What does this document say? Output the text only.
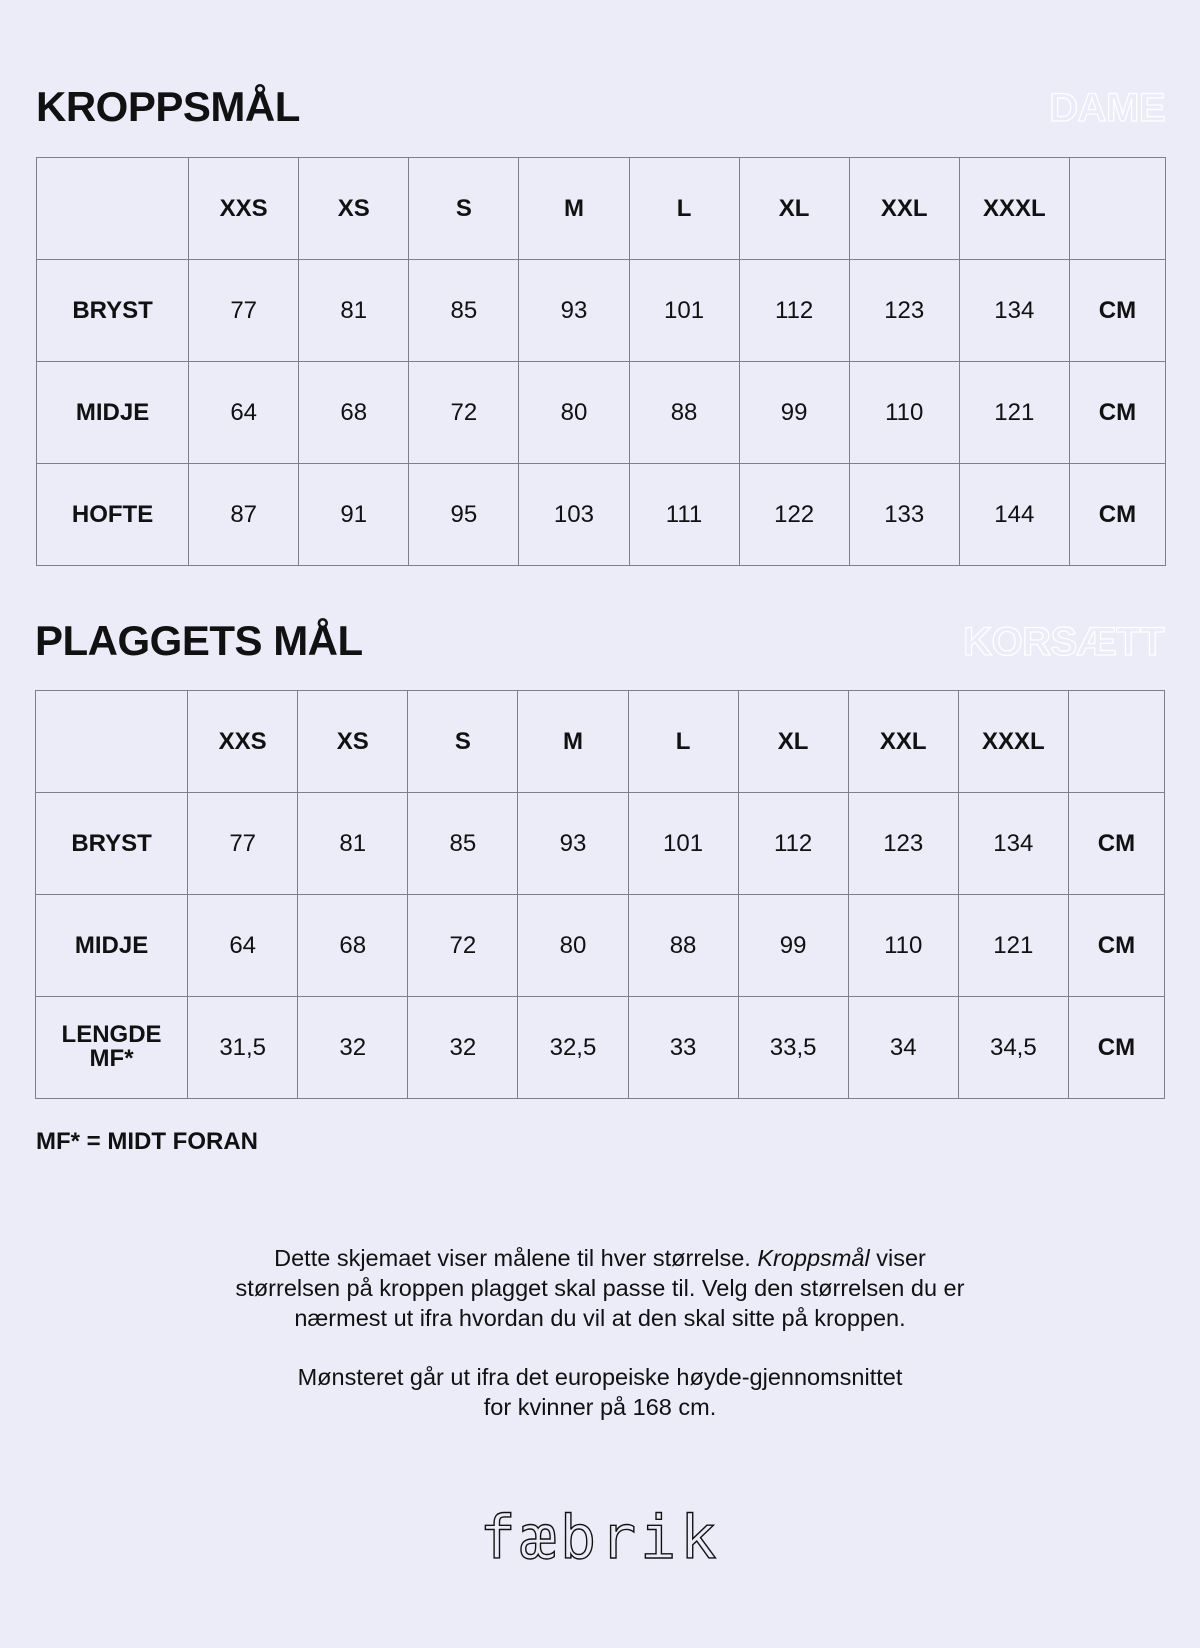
KROPPSMÅL	DAME
	XXS	XS	S	M	L	XL	XXL	XXXL	
BRYST	77	81	85	93	101	112	123	134	CM
MIDJE	64	68	72	80	88	99	110	121	CM
HOFTE	87	91	95	103	111	122	133	144	CM
PLAGGETS MÅL	KORSÆTT
	XXS	XS	S	M	L	XL	XXL	XXXL	
BRYST	77	81	85	93	101	112	123	134	CM
MIDJE	64	68	72	80	88	99	110	121	CM
LENGDE
MF*	31,5	32	32	32,5	33	33,5	34	34,5	CM
MF* = MIDT FORAN

Dette skjemaet viser målene til hver størrelse. Kroppsmål viser
størrelsen på kroppen plagget skal passe til. Velg den størrelsen du er
nærmest ut ifra hvordan du vil at den skal sitte på kroppen.

Mønsteret går ut ifra det europeiske høyde-gjennomsnittet
for kvinner på 168 cm.

fæbrik
